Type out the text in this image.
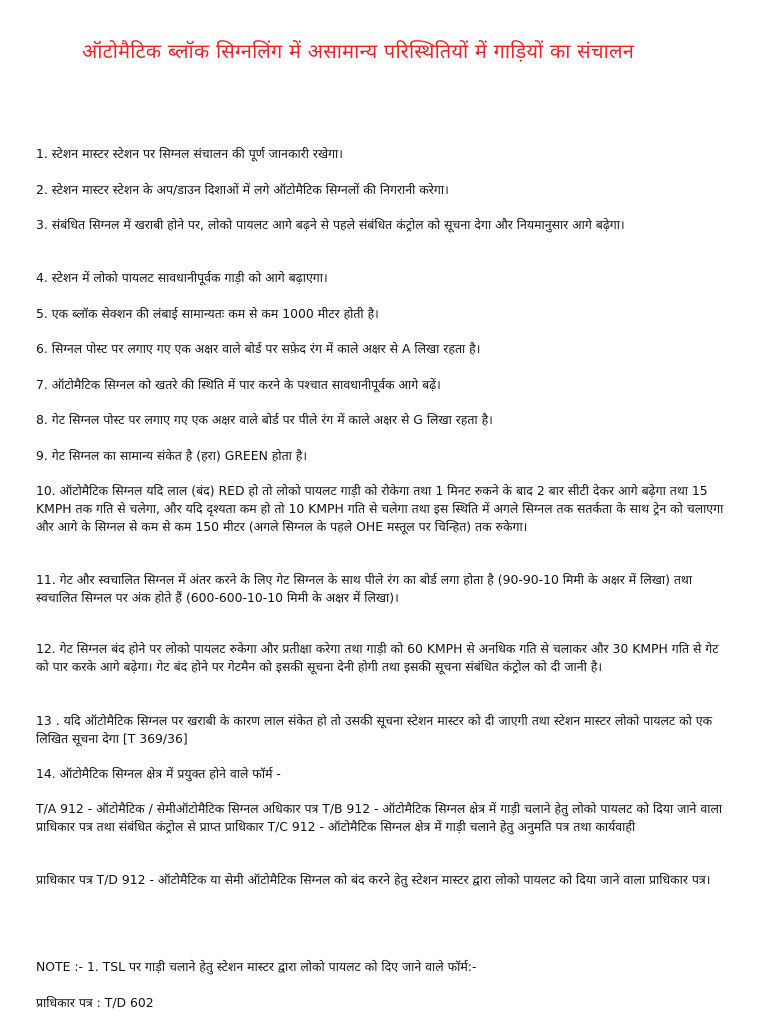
ऑटोमैटिक ब्लॉक सिग्नलिंग में असामान्य परिस्थितियों में गाड़ियों का संचालन

1. स्टेशन मास्टर स्टेशन पर सिग्नल संचालन की पूर्ण जानकारी रखेगा।

2. स्टेशन मास्टर स्टेशन के अप/डाउन दिशाओं में लगे ऑटोमैटिक सिग्नलों की निगरानी करेगा।

3. संबंधित सिग्नल में खराबी होने पर, लोको पायलट आगे बढ़ने से पहले संबंधित कंट्रोल को सूचना देगा और नियमानुसार आगे बढ़ेगा।

4. स्टेशन में लोको पायलट सावधानीपूर्वक गाड़ी को आगे बढ़ाएगा।

5. एक ब्लॉक सेक्शन की लंबाई सामान्यतः कम से कम 1000 मीटर होती है।

6. सिग्नल पोस्ट पर लगाए गए एक अक्षर वाले बोर्ड पर सफ़ेद रंग में काले अक्षर से A लिखा रहता है।

7. ऑटोमैटिक सिग्नल को खतरे की स्थिति में पार करने के पश्चात सावधानीपूर्वक आगे बढ़ें।

8. गेट सिग्नल पोस्ट पर लगाए गए एक अक्षर वाले बोर्ड पर पीले रंग में काले अक्षर से G लिखा रहता है।

9. गेट सिग्नल का सामान्य संकेत है (हरा) GREEN होता है।

10. ऑटोमैटिक सिग्नल यदि लाल (बंद) RED हो तो लोको पायलट गाड़ी को रोकेगा तथा 1 मिनट रुकने के बाद 2 बार सीटी देकर आगे बढ़ेगा तथा 15 KMPH तक गति से चलेगा, और यदि दृश्यता कम हो तो 10 KMPH गति से चलेगा तथा इस स्थिति में अगले सिग्नल तक सतर्कता के साथ ट्रेन को चलाएगा और आगे के सिग्नल से कम से कम 150 मीटर (अगले सिग्नल के पहले OHE मस्तूल पर चिन्हित) तक रुकेगा।

11. गेट और स्वचालित सिग्नल में अंतर करने के लिए गेट सिग्नल के साथ पीले रंग का बोर्ड लगा होता है (90-90-10 मिमी के अक्षर में लिखा) तथा स्वचालित सिग्नल पर अंक होते हैं (600-600-10-10 मिमी के अक्षर में लिखा)।

12. गेट सिग्नल बंद होने पर लोको पायलट रुकेगा और प्रतीक्षा करेगा तथा गाड़ी को 60 KMPH से अनधिक गति से चलाकर और 30 KMPH गति से गेट को पार करके आगे बढ़ेगा। गेट बंद होने पर गेटमैन को इसकी सूचना देनी होगी तथा इसकी सूचना संबंधित कंट्रोल को दी जानी है।

13 . यदि ऑटोमैटिक सिग्नल पर खराबी के कारण लाल संकेत हो तो उसकी सूचना स्टेशन मास्टर को दी जाएगी तथा स्टेशन मास्टर लोको पायलट को एक लिखित सूचना देगा [T 369/36]

14. ऑटोमैटिक सिग्नल क्षेत्र में प्रयुक्त होने वाले फॉर्म -

T/A 912 - ऑटोमैटिक / सेमीऑटोमैटिक सिग्नल अधिकार पत्र T/B 912 - ऑटोमैटिक सिग्नल क्षेत्र में गाड़ी चलाने हेतु लोको पायलट को दिया जाने वाला प्राधिकार पत्र तथा संबंधित कंट्रोल से प्राप्त प्राधिकार T/C 912 - ऑटोमैटिक सिग्नल क्षेत्र में गाड़ी चलाने हेतु अनुमति पत्र तथा कार्यवाही

प्राधिकार पत्र T/D 912 - ऑटोमैटिक या सेमी ऑटोमैटिक सिग्नल को बंद करने हेतु स्टेशन मास्टर द्वारा लोको पायलट को दिया जाने वाला प्राधिकार पत्र।

NOTE :- 1. TSL पर गाड़ी चलाने हेतु स्टेशन मास्टर द्वारा लोको पायलट को दिए जाने वाले फॉर्म:-

प्राधिकार पत्र : T/D 602
